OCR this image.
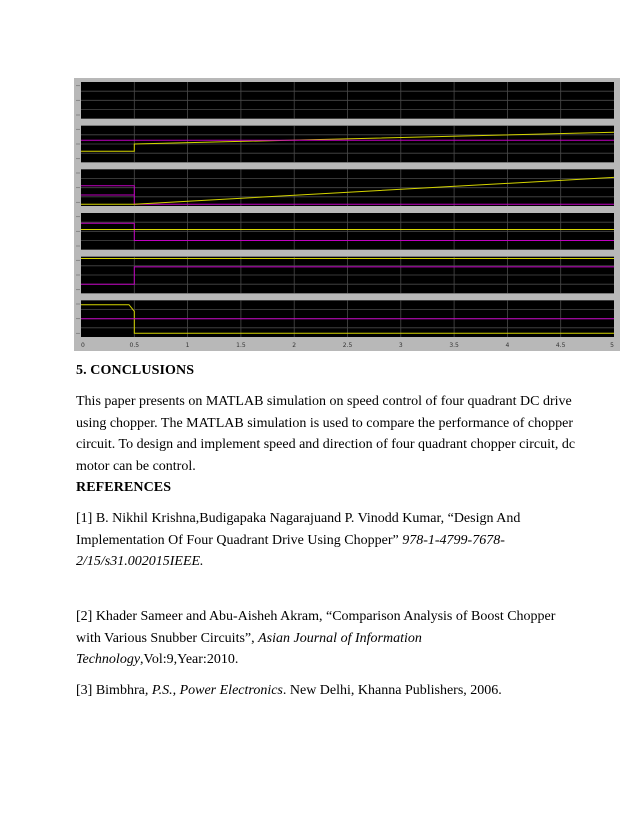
0	0.5	1	1.5	2	2.5	3	3.5	4	4.5	5
5. CONCLUSIONS
This paper presents on MATLAB simulation on speed control of four quadrant DC drive using chopper. The MATLAB simulation is used to compare the performance of chopper circuit. To design and implement speed and direction of four quadrant chopper circuit, dc motor can be control.
REFERENCES
[1] B. Nikhil Krishna,Budigapaka Nagarajuand P. Vinodd Kumar, “Design And Implementation Of Four Quadrant Drive Using Chopper” 978-1-4799-7678-2/15/s31.002015IEEE.
[2] Khader Sameer and Abu-Aisheh Akram, “Comparison Analysis of Boost Chopper with Various Snubber Circuits”, Asian Journal of Information Technology,Vol:9,Year:2010.
[3] Bimbhra, P.S., Power Electronics. New Delhi, Khanna Publishers, 2006.
